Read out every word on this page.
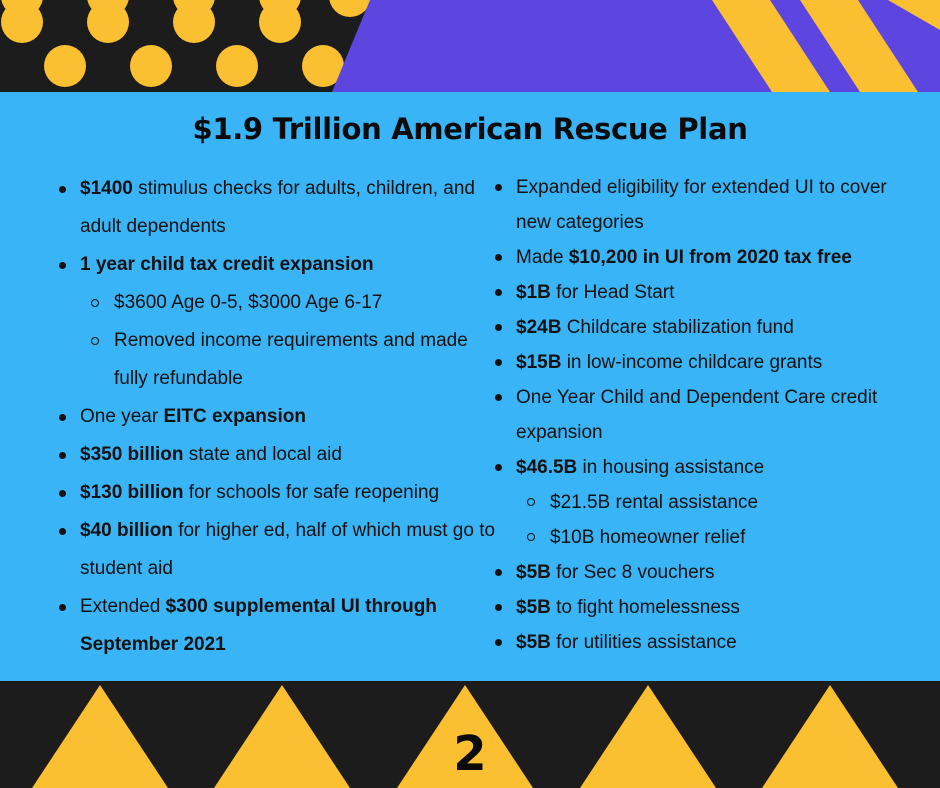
$1.9 Trillion American Rescue Plan
$1400 stimulus checks for adults, children, and adult dependents
1 year child tax credit expansion
$3600 Age 0-5, $3000 Age 6-17
Removed income requirements and made fully refundable
One year EITC expansion
$350 billion state and local aid
$130 billion for schools for safe reopening
$40 billion for higher ed, half of which must go to student aid
Extended $300 supplemental UI through September 2021
Expanded eligibility for extended UI to cover new categories
Made $10,200 in UI from 2020 tax free
$1B for Head Start
$24B Childcare stabilization fund
$15B in low-income childcare grants
One Year Child and Dependent Care credit expansion
$46.5B in housing assistance
$21.5B rental assistance
$10B homeowner relief
$5B for Sec 8 vouchers
$5B to fight homelessness
$5B for utilities assistance
2
